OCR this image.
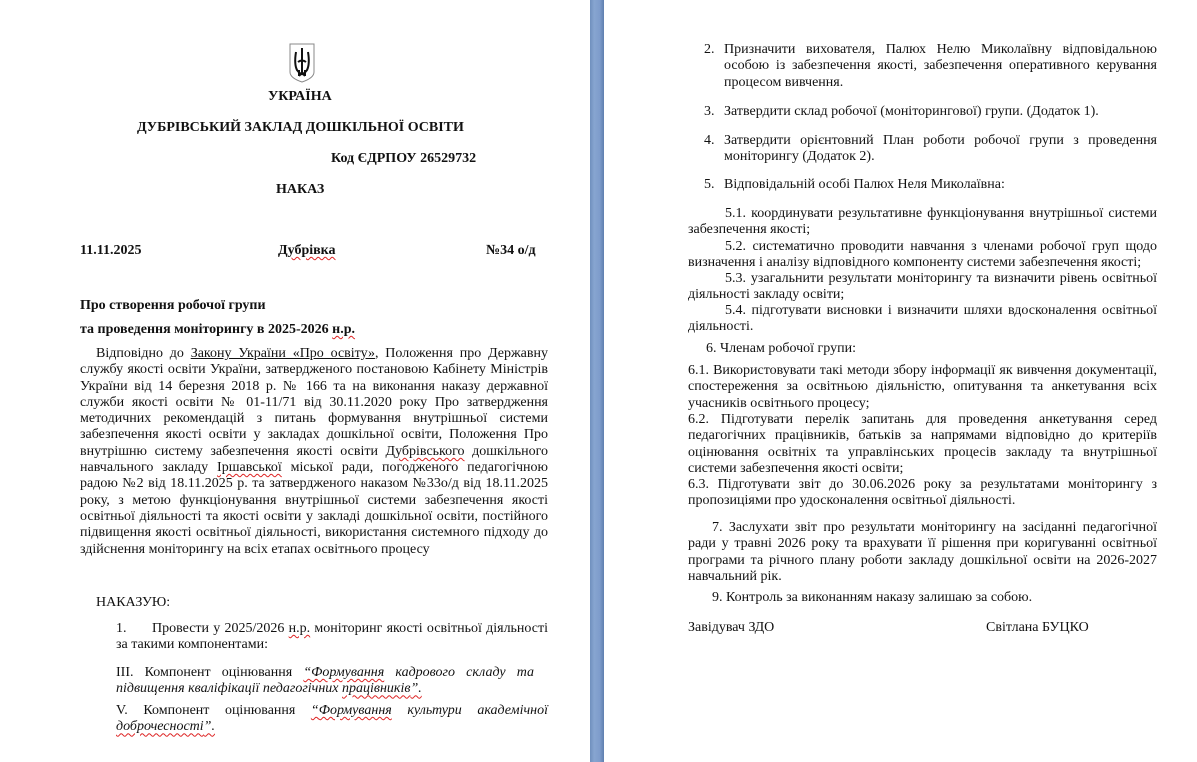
УКРАЇНА
ДУБРІВСЬКИЙ ЗАКЛАД ДОШКІЛЬНОЇ ОСВІТИ
Код ЄДРПОУ 26529732
НАКАЗ
11.11.2025	Дубрівка	№34 о/д
Про створення робочої групи
та проведення моніторингу в 2025-2026 н.р.
Відповідно до Закону України «Про освіту», Положення про Державну службу якості освіти України, затвердженого постановою Кабінету Міністрів України від 14 березня 2018 р. № 166 та на виконання наказу державної служби якості освіти № 01-11/71 від 30.11.2020 року Про затвердження методичних рекомендацій з питань формування внутрішньої системи забезпечення якості освіти у закладах дошкільної освіти, Положення Про внутрішню систему забезпечення якості освіти Дубрівського дошкільного навчального закладу Іршавської міської ради, погодженого педагогічною радою №2 від 18.11.2025 р. та затвердженого наказом №33о/д від 18.11.2025 року, з метою функціонування внутрішньої системи забезпечення якості освітньої діяльності та якості освіти у закладі дошкільної освіти, постійного підвищення якості освітньої діяльності, використання системного підходу до здійснення моніторингу на всіх етапах освітнього процесу
НАКАЗУЮ:
1. Провести у 2025/2026 н.р. моніторинг якості освітньої діяльності за такими компонентами:
ІІІ. Компонент оцінювання “Формування кадрового складу та підвищення кваліфікації педагогічних працівників”.
V. Компонент оцінювання “Формування культури академічної доброчесності”.
2. Призначити вихователя, Палюх Нелю Миколаївну відповідальною особою із забезпечення якості, забезпечення оперативного керування процесом вивчення.

3. Затвердити склад робочої (моніторингової) групи. (Додаток 1).

4. Затвердити орієнтовний План роботи робочої групи з проведення моніторингу (Додаток 2).

5. Відповідальній особі Палюх Неля Миколаївна:

5.1. координувати результативне функціонування внутрішньої системи забезпечення якості;
5.2. систематично проводити навчання з членами робочої груп щодо визначення і аналізу відповідного компоненту системи забезпечення якості;
5.3. узагальнити результати моніторингу та визначити рівень освітньої діяльності закладу освіти;
5.4. підготувати висновки і визначити шляхи вдосконалення освітньої діяльності.
6. Членам робочої групи:
6.1. Використовувати такі методи збору інформації як вивчення документації, спостереження за освітньою діяльністю, опитування та анкетування всіх учасників освітнього процесу;
6.2. Підготувати перелік запитань для проведення анкетування серед педагогічних працівників, батьків за напрямами відповідно до критеріїв оцінювання освітніх та управлінських процесів закладу та внутрішньої системи забезпечення якості освіти;
6.3. Підготувати звіт до 30.06.2026 року за результатами моніторингу з пропозиціями про удосконалення освітньої діяльності.
7. Заслухати звіт про результати моніторингу на засіданні педагогічної ради у травні 2026 року та врахувати її рішення при коригуванні освітньої програми та річного плану роботи закладу дошкільної освіти на 2026-2027 навчальний рік.
9. Контроль за виконанням наказу залишаю за собою.
Завідувач ЗДО	Світлана БУЦКО
